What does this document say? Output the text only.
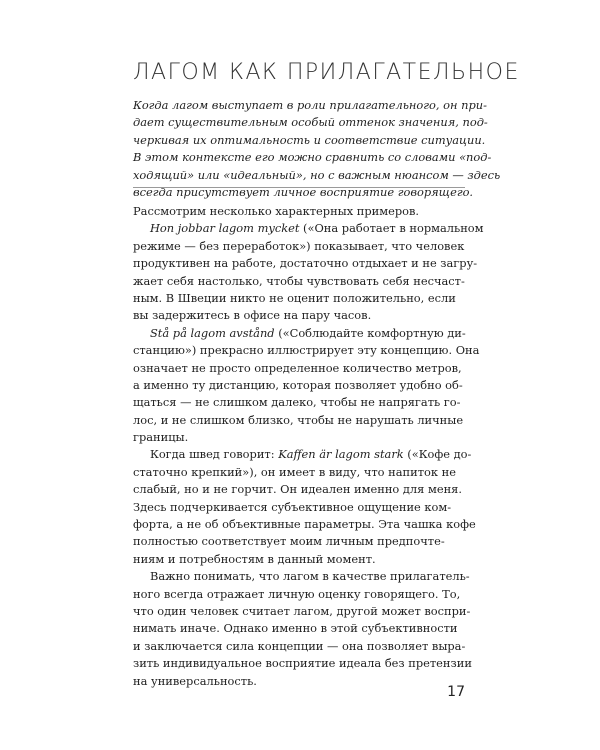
ЛАГОМ КАК ПРИЛАГАТЕЛЬНОЕ
Когда лагом выступает в роли прилагательного, он при-
дает существительным особый оттенок значения, под-
черкивая их оптимальность и соответствие ситуации.
В этом контексте его можно сравнить со словами «под-
ходящий» или «идеальный», но с важным нюансом — здесь
всегда присутствует личное восприятие говорящего.
Рассмотрим несколько характерных примеров.
Hon jobbar lagom mycket («Она работает в нормальном
режиме — без переработок») показывает, что человек
продуктивен на работе, достаточно отдыхает и не загру-
жает себя настолько, чтобы чувствовать себя несчаст-
ным. В Швеции никто не оценит положительно, если
вы задержитесь в офисе на пару часов.
Stå på lagom avstånd («Соблюдайте комфортную ди-
станцию») прекрасно иллюстрирует эту концепцию. Она
означает не просто определенное количество метров,
а именно ту дистанцию, которая позволяет удобно об-
щаться — не слишком далеко, чтобы не напрягать го-
лос, и не слишком близко, чтобы не нарушать личные
границы.
Когда швед говорит: Kaffen är lagom stark («Кофе до-
статочно крепкий»), он имеет в виду, что напиток не
слабый, но и не горчит. Он идеален именно для меня.
Здесь подчеркивается субъективное ощущение ком-
форта, а не об объективные параметры. Эта чашка кофе
полностью соответствует моим личным предпочте-
ниям и потребностям в данный момент.
Важно понимать, что лагом в качестве прилагатель-
ного всегда отражает личную оценку говорящего. То,
что один человек считает лагом, другой может воспри-
нимать иначе. Однако именно в этой субъективности
и заключается сила концепции — она позволяет выра-
зить индивидуальное восприятие идеала без претензии
на универсальность.
17
